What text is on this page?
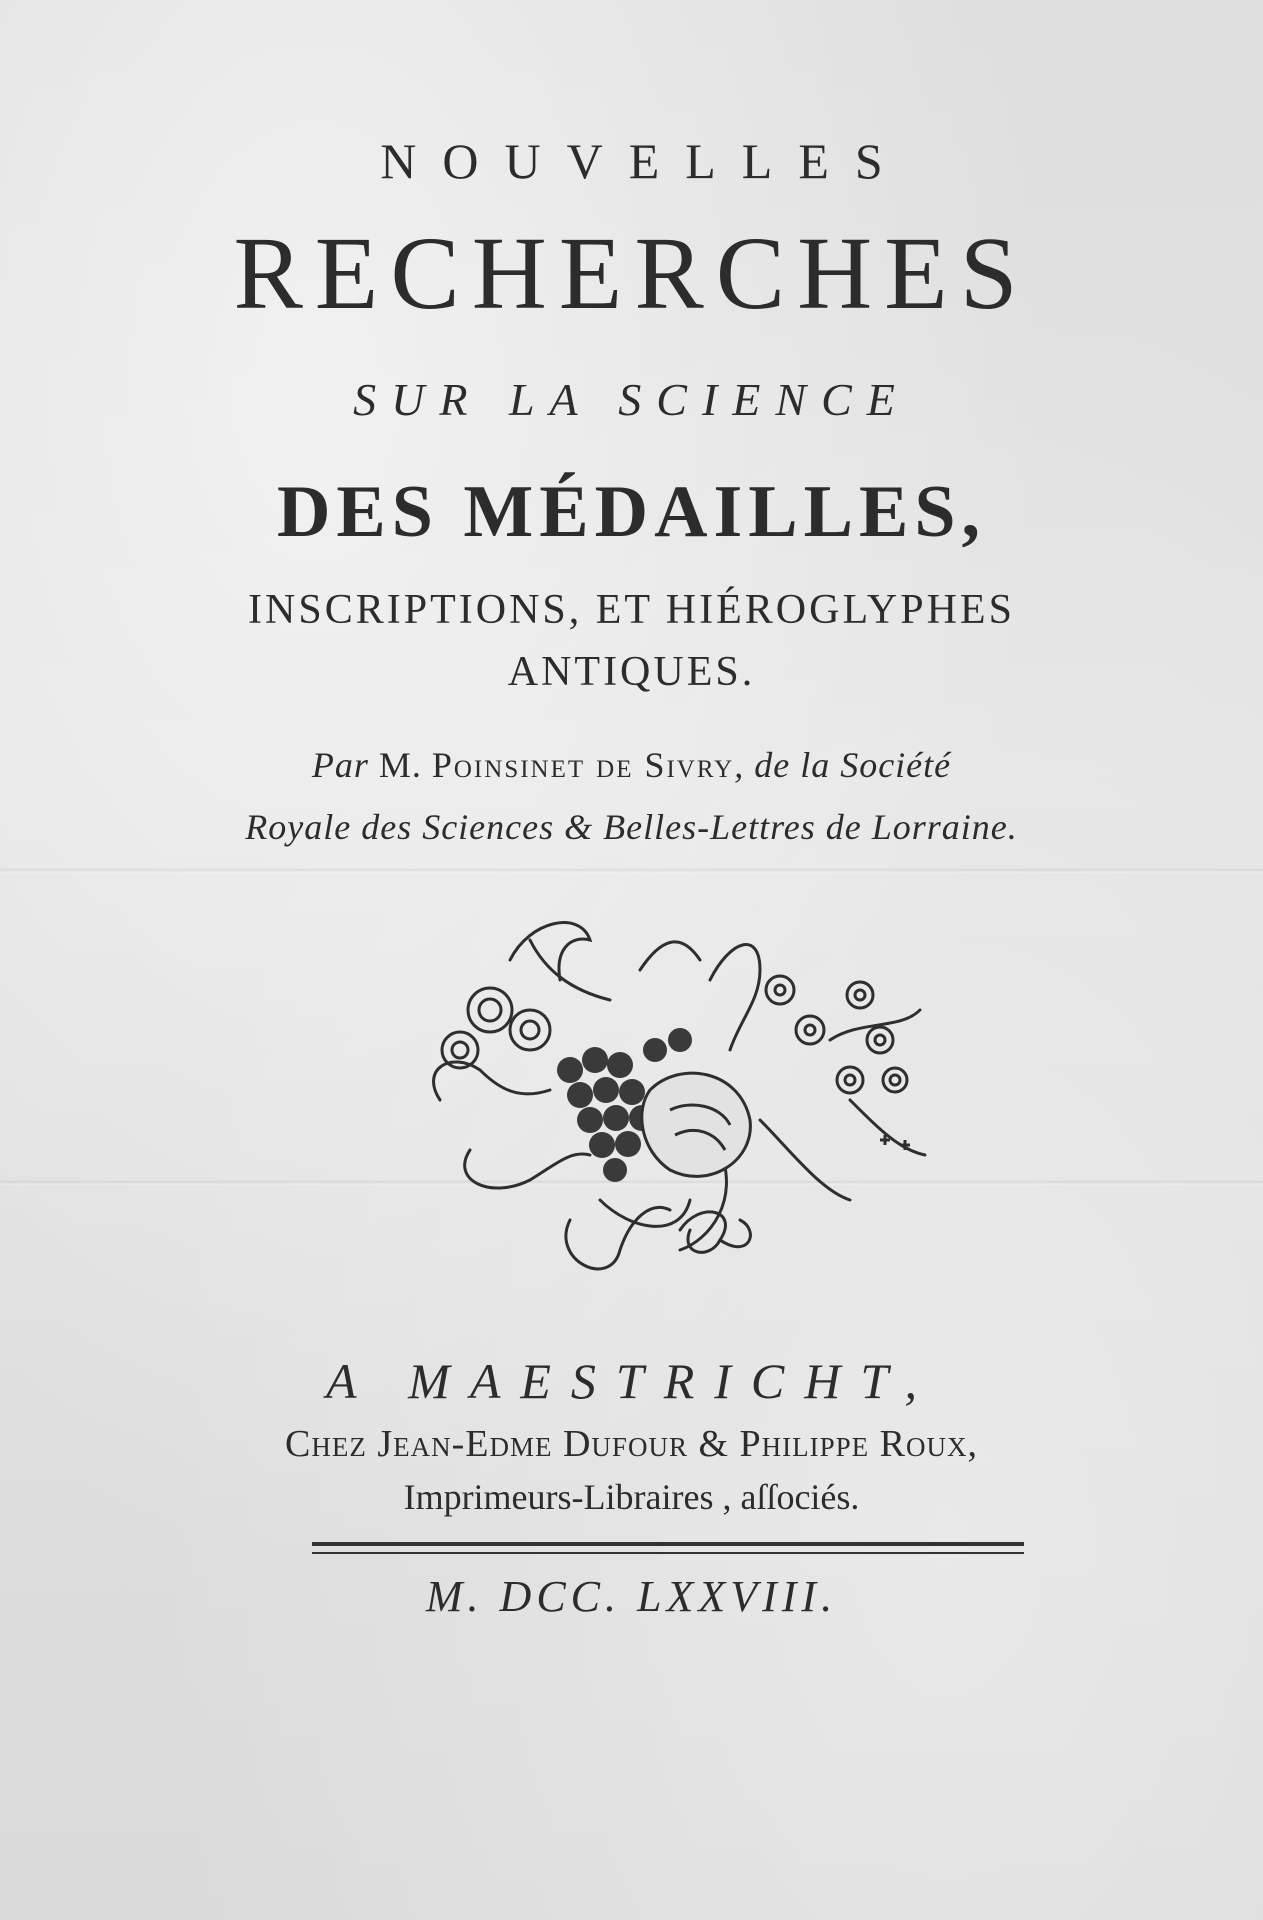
NOUVELLES
RECHERCHES
SUR LA SCIENCE
DES MÉDAILLES,
INSCRIPTIONS, ET HIÉROGLYPHES
ANTIQUES.
Par M. Poinsinet de Sivry, de la Société
Royale des Sciences & Belles-Lettres de Lorraine.
A MAESTRICHT,
Chez Jean-Edme Dufour & Philippe Roux,
Imprimeurs-Libraires , aſſociés.
M. DCC. LXXVIII.
